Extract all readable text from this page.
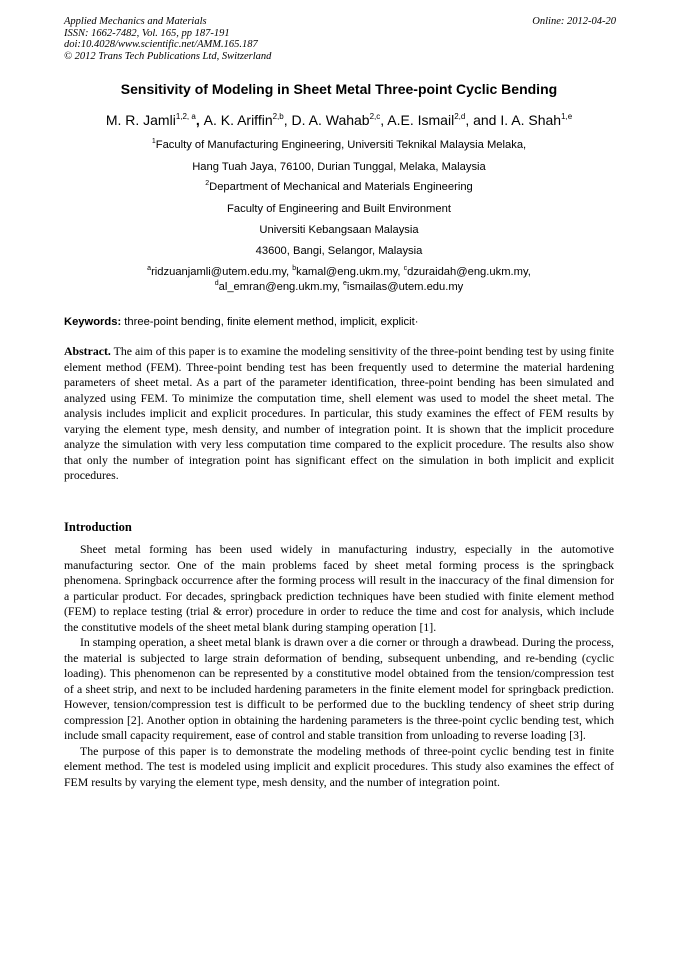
Applied Mechanics and Materials
ISSN: 1662-7482, Vol. 165, pp 187-191
doi:10.4028/www.scientific.net/AMM.165.187
© 2012 Trans Tech Publications Ltd, Switzerland
Online: 2012-04-20
Sensitivity of Modeling in Sheet Metal Three-point Cyclic Bending
M. R. Jamli$^{1,2, a}$, A. K. Ariffin$^{2,b}$, D. A. Wahab$^{2,c}$, A.E. Ismail$^{2,d}$, and I. A. Shah$^{1,e}$
$^1$Faculty of Manufacturing Engineering, Universiti Teknikal Malaysia Melaka,
Hang Tuah Jaya, 76100, Durian Tunggal, Melaka, Malaysia
$^2$Department of Mechanical and Materials Engineering
Faculty of Engineering and Built Environment
Universiti Kebangsaan Malaysia
43600, Bangi, Selangor, Malaysia
$^a$ridzuanjamli@utem.edu.my, $^b$kamal@eng.ukm.my, $^c$dzuraidah@eng.ukm.my,
$^d$al_emran@eng.ukm.my, $^e$ismailas@utem.edu.my
Keywords: three-point bending, finite element method, implicit, explicit·
Abstract. The aim of this paper is to examine the modeling sensitivity of the three-point bending test by using finite element method (FEM). Three-point bending test has been frequently used to determine the material hardening parameters of sheet metal. As a part of the parameter identification, three-point bending has been simulated and analyzed using FEM. To minimize the computation time, shell element was used to model the sheet metal. The analysis includes implicit and explicit procedures. In particular, this study examines the effect of FEM results by varying the element type, mesh density, and number of integration point. It is shown that the implicit procedure analyze the simulation with very less computation time compared to the explicit procedure. The results also show that only the number of integration point has significant effect on the simulation in both implicit and explicit procedures.
Introduction

Sheet metal forming has been used widely in manufacturing industry, especially in the automotive manufacturing sector. One of the main problems faced by sheet metal forming process is the springback phenomena. Springback occurrence after the forming process will result in the inaccuracy of the final dimension for a particular product. For decades, springback prediction techniques have been studied with finite element method (FEM) to replace testing (trial & error) procedure in order to reduce the time and cost for analysis, which include the constitutive models of the sheet metal blank during stamping operation [1].

In stamping operation, a sheet metal blank is drawn over a die corner or through a drawbead. During the process, the material is subjected to large strain deformation of bending, subsequent unbending, and re-bending (cyclic loading). This phenomenon can be represented by a constitutive model obtained from the tension/compression test of a sheet strip, and next to be included hardening parameters in the finite element model for springback prediction. However, tension/compression test is difficult to be performed due to the buckling tendency of sheet strip during compression [2]. Another option in obtaining the hardening parameters is the three-point cyclic bending test, which include small capacity requirement, ease of control and stable transition from unloading to reverse loading [3].

The purpose of this paper is to demonstrate the modeling methods of three-point cyclic bending test in finite element method. The test is modeled using implicit and explicit procedures. This study also examines the effect of FEM results by varying the element type, mesh density, and the number of integration point.
